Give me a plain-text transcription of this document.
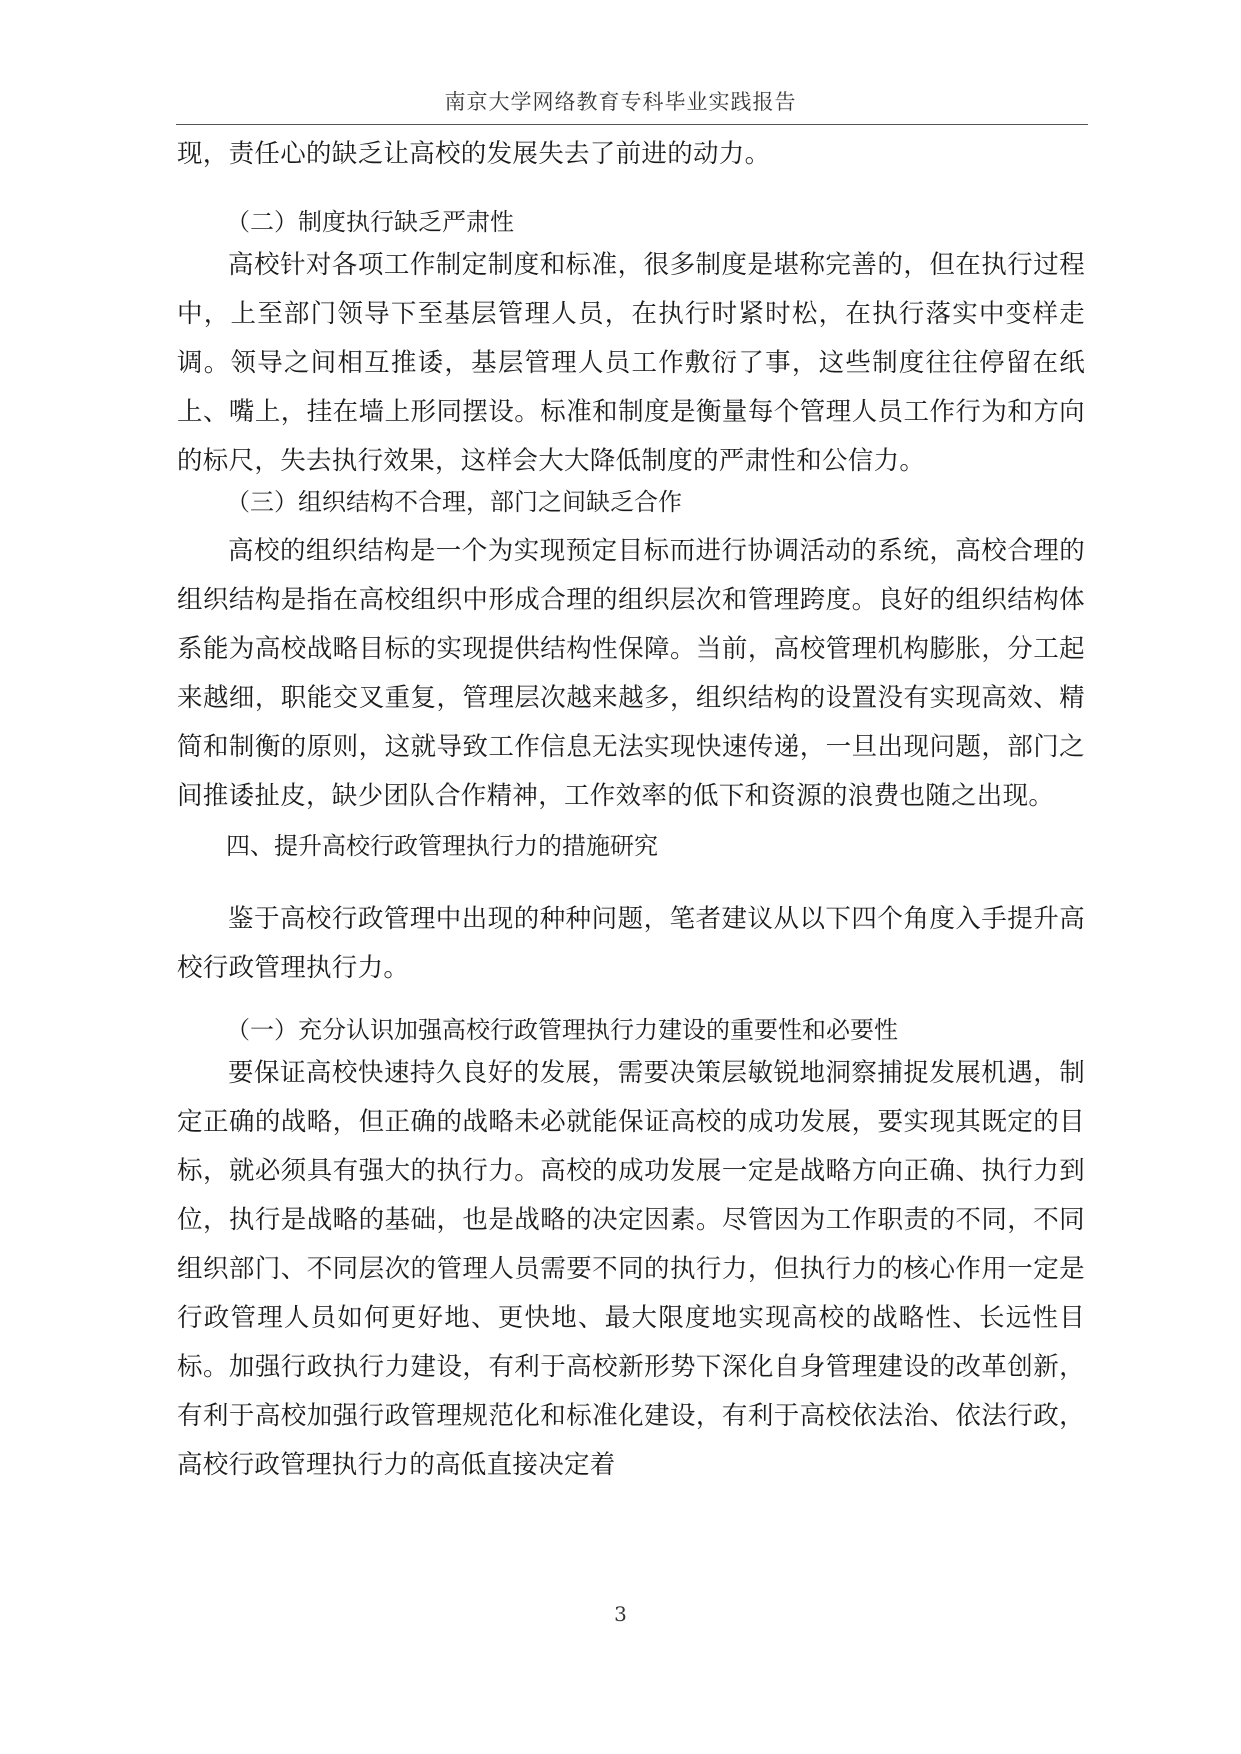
南京大学网络教育专科毕业实践报告
现，责任心的缺乏让高校的发展失去了前进的动力。
（二）制度执行缺乏严肃性
高校针对各项工作制定制度和标准，很多制度是堪称完善的，但在执行过程中，上至部门领导下至基层管理人员，在执行时紧时松，在执行落实中变样走调。领导之间相互推诿，基层管理人员工作敷衍了事，这些制度往往停留在纸上、嘴上，挂在墙上形同摆设。标准和制度是衡量每个管理人员工作行为和方向的标尺，失去执行效果，这样会大大降低制度的严肃性和公信力。
（三）组织结构不合理，部门之间缺乏合作
高校的组织结构是一个为实现预定目标而进行协调活动的系统，高校合理的组织结构是指在高校组织中形成合理的组织层次和管理跨度。良好的组织结构体系能为高校战略目标的实现提供结构性保障。当前，高校管理机构膨胀，分工起来越细，职能交叉重复，管理层次越来越多，组织结构的设置没有实现高效、精简和制衡的原则，这就导致工作信息无法实现快速传递，一旦出现问题，部门之间推诿扯皮，缺少团队合作精神，工作效率的低下和资源的浪费也随之出现。
四、提升高校行政管理执行力的措施研究
鉴于高校行政管理中出现的种种问题，笔者建议从以下四个角度入手提升高校行政管理执行力。
（一）充分认识加强高校行政管理执行力建设的重要性和必要性
要保证高校快速持久良好的发展，需要决策层敏锐地洞察捕捉发展机遇，制定正确的战略，但正确的战略未必就能保证高校的成功发展，要实现其既定的目标，就必须具有强大的执行力。高校的成功发展一定是战略方向正确、执行力到位，执行是战略的基础，也是战略的决定因素。尽管因为工作职责的不同，不同组织部门、不同层次的管理人员需要不同的执行力，但执行力的核心作用一定是行政管理人员如何更好地、更快地、最大限度地实现高校的战略性、长远性目标。加强行政执行力建设，有利于高校新形势下深化自身管理建设的改革创新，有利于高校加强行政管理规范化和标准化建设，有利于高校依法治、依法行政，高校行政管理执行力的高低直接决定着
3
